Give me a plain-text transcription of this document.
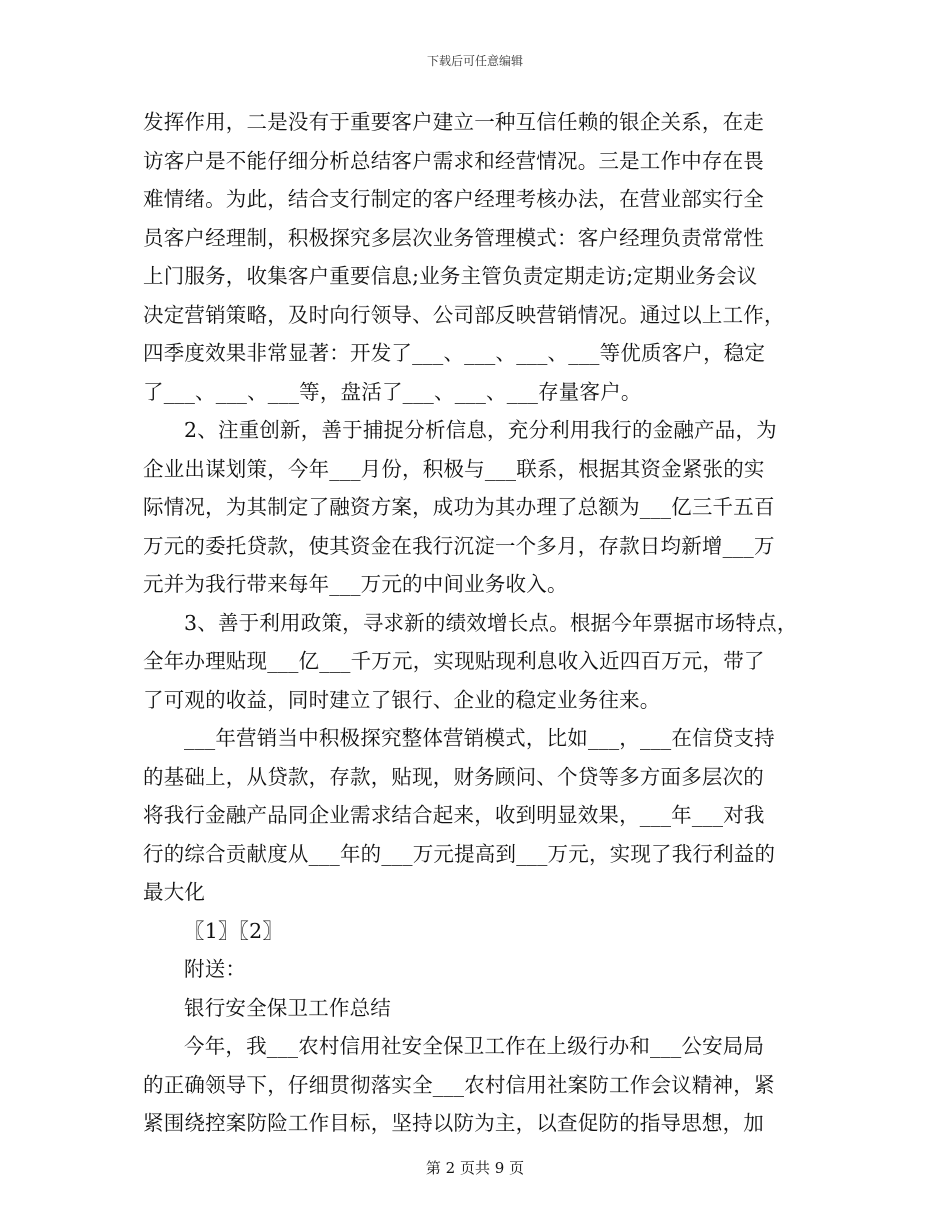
下载后可任意编辑
发挥作用，二是没有于重要客户建立一种互信任赖的银企关系，在走
访客户是不能仔细分析总结客户需求和经营情况。三是工作中存在畏
难情绪。为此，结合支行制定的客户经理考核办法，在营业部实行全
员客户经理制，积极探究多层次业务管理模式：客户经理负责常常性
上门服务，收集客户重要信息;业务主管负责定期走访;定期业务会议
决定营销策略，及时向行领导、公司部反映营销情况。通过以上工作，
四季度效果非常显著：开发了___、___、___、___等优质客户，稳定
了___、___、___等，盘活了___、___、___存量客户。
2、注重创新，善于捕捉分析信息，充分利用我行的金融产品，为
企业出谋划策，今年___月份，积极与___联系，根据其资金紧张的实
际情况，为其制定了融资方案，成功为其办理了总额为___亿三千五百
万元的委托贷款，使其资金在我行沉淀一个多月，存款日均新增___万
元并为我行带来每年___万元的中间业务收入。
3、善于利用政策，寻求新的绩效增长点。根据今年票据市场特点，
全年办理贴现___亿___千万元，实现贴现利息收入近四百万元，带了
了可观的收益，同时建立了银行、企业的稳定业务往来。
___年营销当中积极探究整体营销模式，比如___，___在信贷支持
的基础上，从贷款，存款，贴现，财务顾问、个贷等多方面多层次的
将我行金融产品同企业需求结合起来，收到明显效果，___年___对我
行的综合贡献度从___年的___万元提高到___万元，实现了我行利益的
最大化
〖1〗〖2〗
附送：
银行安全保卫工作总结
今年，我___农村信用社安全保卫工作在上级行办和___公安局局
的正确领导下，仔细贯彻落实全___农村信用社案防工作会议精神，紧
紧围绕控案防险工作目标，坚持以防为主，以查促防的指导思想，加
第 2 页共 9 页
